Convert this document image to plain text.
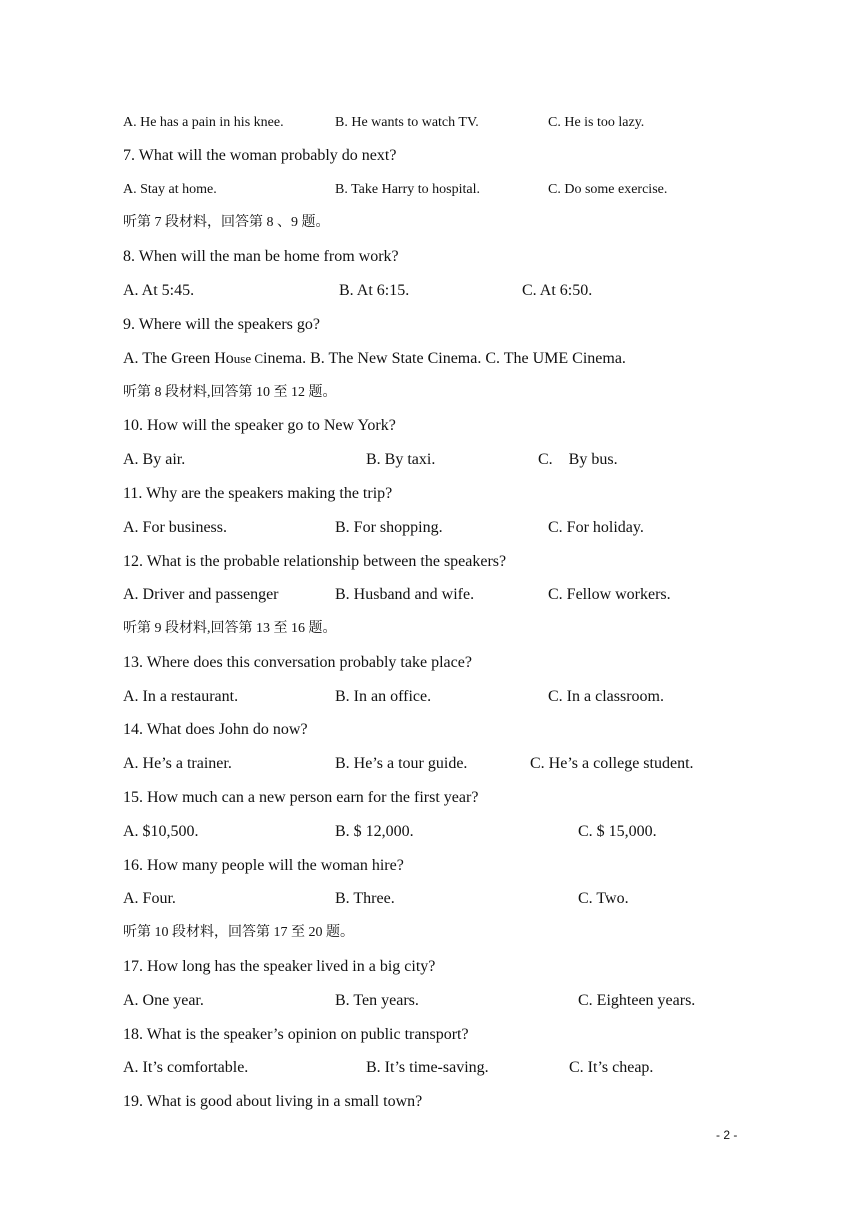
A. He has a pain in his knee.	B. He wants to watch TV.	C. He is too lazy.
7. What will the woman probably do next?
A. Stay at home.	B. Take Harry to hospital.	C. Do some exercise.
听第 7 段材料，回答第 8 、9 题。
8. When will the man be home from work?
A. At 5:45.	B. At 6:15.	C. At 6:50.
9. Where will the speakers go?
A. The Green House Cinema. B. The New State Cinema. C. The UME Cinema.
听第 8 段材料,回答第 10 至 12 题。
10. How will the speaker go to New York?
A. By air.	B. By taxi.	C.    By bus.
11. Why are the speakers making the trip?
A. For business.	B. For shopping.	C. For holiday.
12. What is the probable relationship between the speakers?
A. Driver and passenger	B. Husband and wife.	C. Fellow workers.
听第 9 段材料,回答第 13 至 16 题。
13. Where does this conversation probably take place?
A. In a restaurant.	B. In an office.	C. In a classroom.
14. What does John do now?
A. He’s a trainer.	B. He’s a tour guide.	C. He’s a college student.
15. How much can a new person earn for the first year?
A. $10,500.	B. $ 12,000.	C. $ 15,000.
16. How many people will the woman hire?
A. Four.	B. Three.	C. Two.
听第 10 段材料，回答第 17 至 20 题。
17. How long has the speaker lived in a big city?
A. One year.	B. Ten years.	C. Eighteen years.
18. What is the speaker’s opinion on public transport?
A. It’s comfortable.	B. It’s time-saving.	C. It’s cheap.
19. What is good about living in a small town?
- 2 -
